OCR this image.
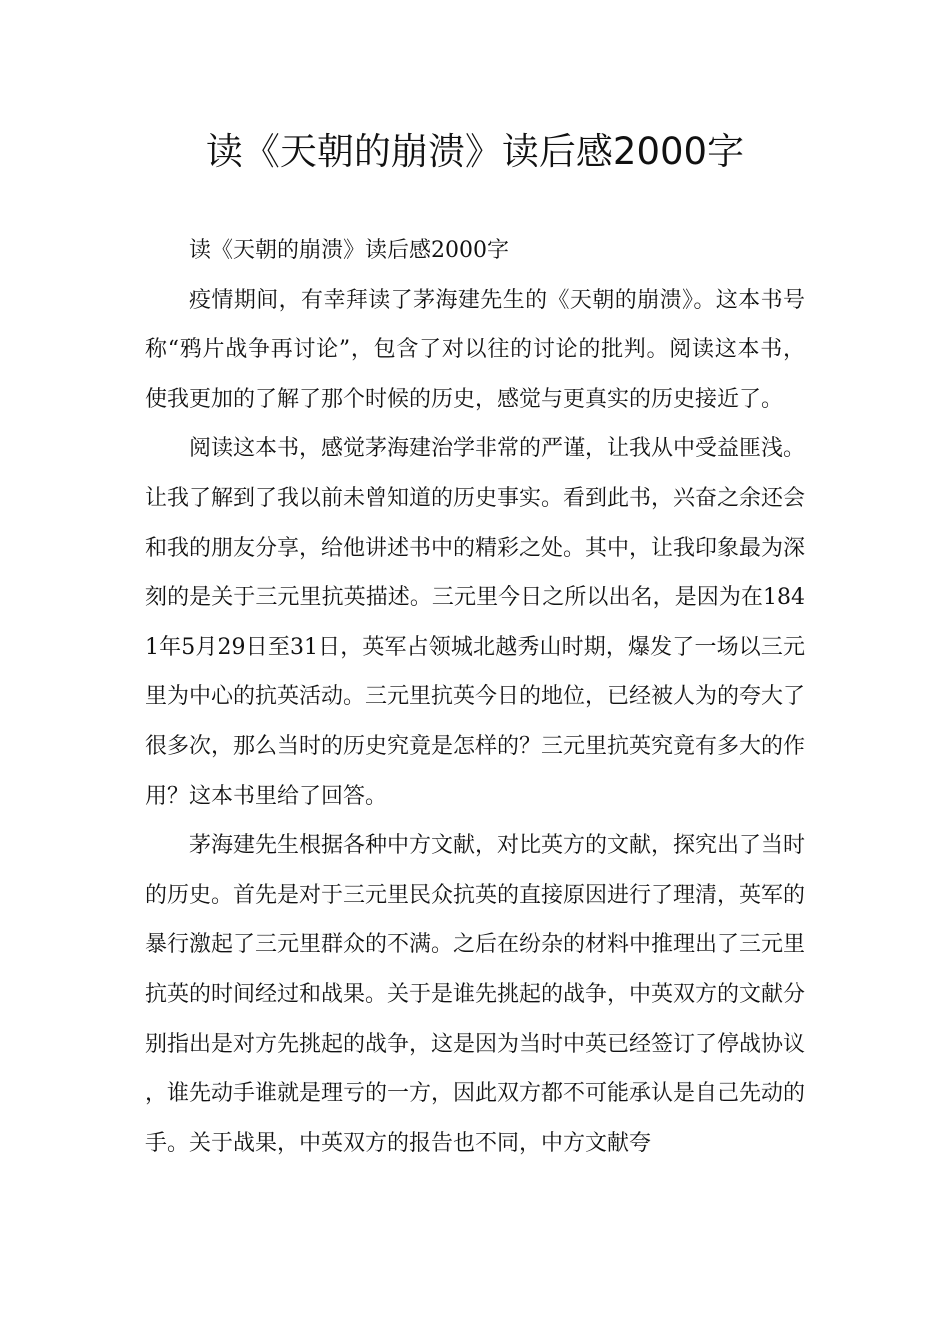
读《天朝的崩溃》读后感2000字

读《天朝的崩溃》读后感2000字

疫情期间，有幸拜读了茅海建先生的《天朝的崩溃》。这本书号称“鸦片战争再讨论”，包含了对以往的讨论的批判。阅读这本书，使我更加的了解了那个时候的历史，感觉与更真实的历史接近了。

阅读这本书，感觉茅海建治学非常的严谨，让我从中受益匪浅。让我了解到了我以前未曾知道的历史事实。看到此书，兴奋之余还会和我的朋友分享，给他讲述书中的精彩之处。其中，让我印象最为深刻的是关于三元里抗英描述。三元里今日之所以出名，是因为在1841年5月29日至31日，英军占领城北越秀山时期，爆发了一场以三元里为中心的抗英活动。三元里抗英今日的地位，已经被人为的夸大了很多次，那么当时的历史究竟是怎样的？三元里抗英究竟有多大的作用？这本书里给了回答。

茅海建先生根据各种中方文献，对比英方的文献，探究出了当时的历史。首先是对于三元里民众抗英的直接原因进行了理清，英军的暴行激起了三元里群众的不满。之后在纷杂的材料中推理出了三元里抗英的时间经过和战果。关于是谁先挑起的战争，中英双方的文献分别指出是对方先挑起的战争，这是因为当时中英已经签订了停战协议，谁先动手谁就是理亏的一方，因此双方都不可能承认是自己先动的手。关于战果，中英双方的报告也不同，中方文献夸
